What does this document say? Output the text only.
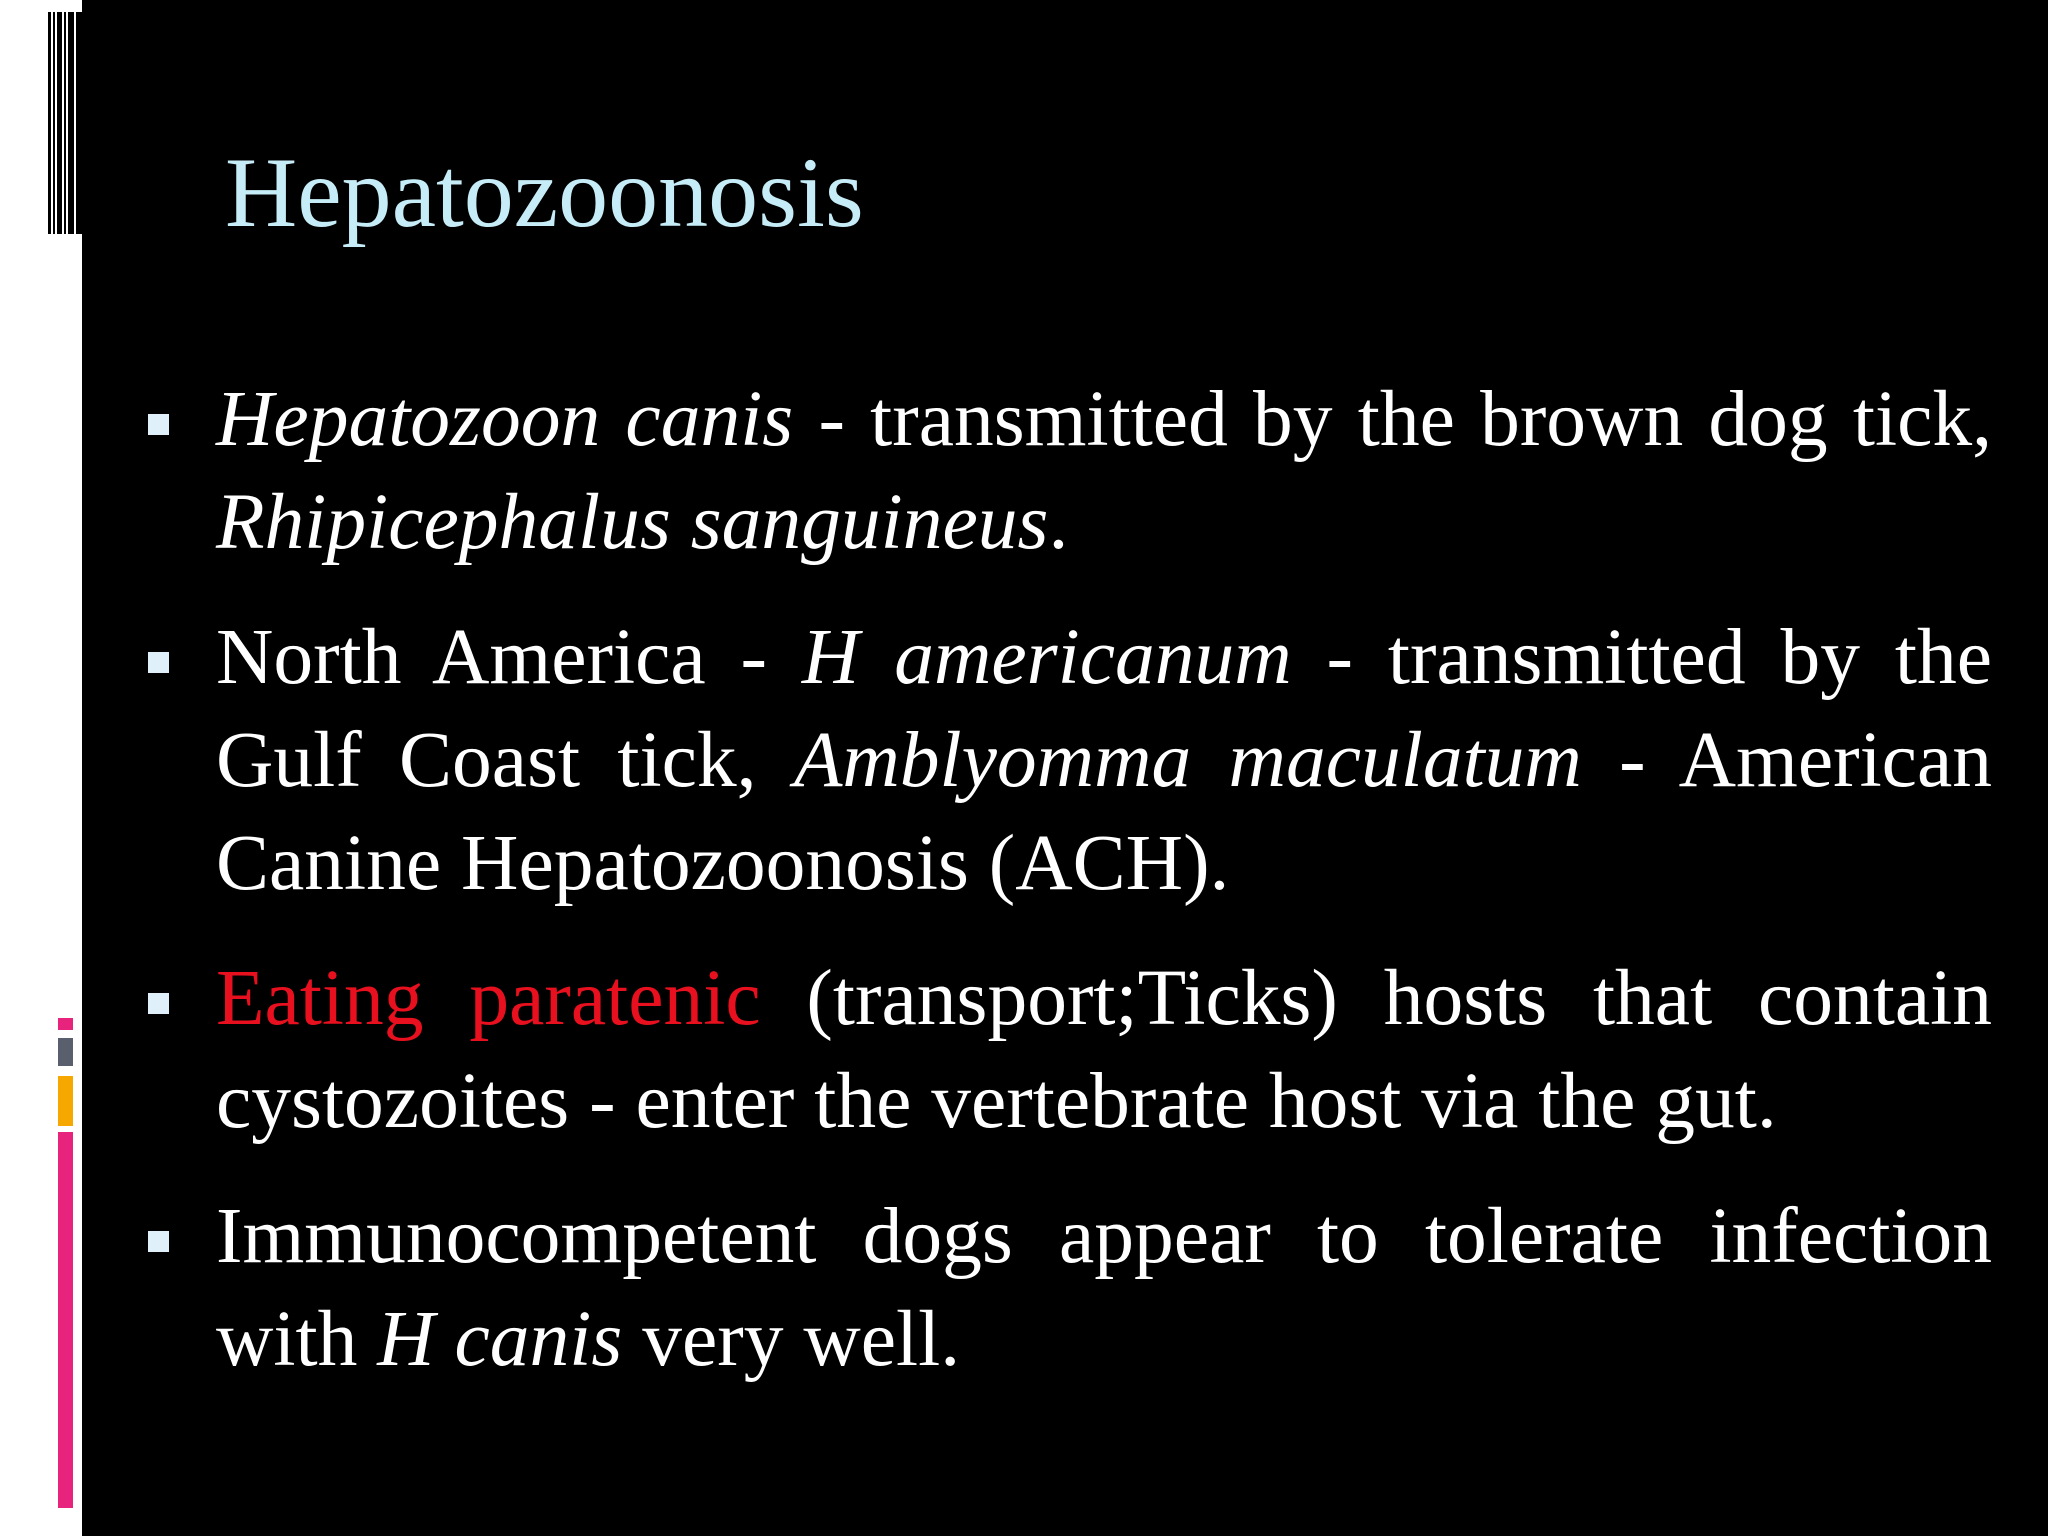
Hepatozoonosis
Hepatozoon canis - transmitted by the brown dog tick, Rhipicephalus sanguineus.
North America - H americanum - transmitted by the Gulf Coast tick, Amblyomma maculatum - American Canine Hepatozoonosis (ACH).
Eating paratenic (transport;Ticks) hosts that contain cystozoites - enter the vertebrate host via the gut.
Immunocompetent dogs appear to tolerate infection with H canis very well.
